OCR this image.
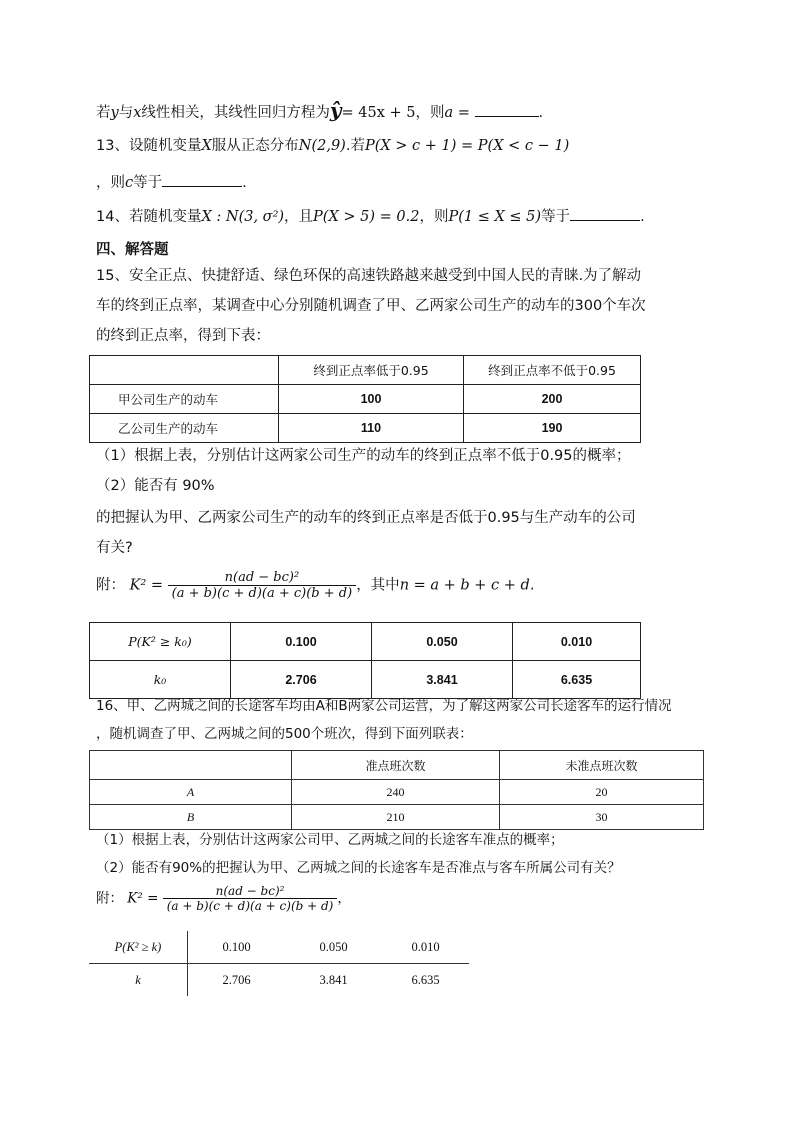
若y与x线性相关，其线性回归方程为ŷ= 45x + 5，则a =	.
13、设随机变量X服从正态分布N(2,9).若P(X > c + 1) = P(X < c − 1)
，则c等于	.
14、若随机变量X : N(3, σ²)，且P(X > 5) = 0.2，则P(1 ≤ X ≤ 5)等于	.
四、解答题
15、安全正点、快捷舒适、绿色环保的高速铁路越来越受到中国人民的青睐.为了解动
车的终到正点率，某调查中心分别随机调查了甲、乙两家公司生产的动车的300个车次
的终到正点率，得到下表：
	终到正点率低于0.95	终到正点率不低于0.95
甲公司生产的动车	100	200
乙公司生产的动车	110	190
（1）根据上表，分别估计这两家公司生产的动车的终到正点率不低于0.95的概率；
（2）能否有 90%
的把握认为甲、乙两家公司生产的动车的终到正点率是否低于0.95与生产动车的公司
有关?
附： $K^2 = \frac{\text{n(ad − bc)²}}{(a + b)(c + d)(a + c)(b + d)}$ ，其中n = a + b + c + d.
P(K² ≥ k₀)	0.100	0.050	0.010
k₀	2.706	3.841	6.635
16、甲、乙两城之间的长途客车均由A和B两家公司运营，为了解这两家公司长途客车的运行情况
，随机调查了甲、乙两城之间的500个班次，得到下面列联表：
	准点班次数	未准点班次数
A	240	20
B	210	30
（1）根据上表，分别估计这两家公司甲、乙两城之间的长途客车准点的概率；
（2）能否有90%的把握认为甲、乙两城之间的长途客车是否准点与客车所属公司有关？
附： $K^2 = \frac{\text{n(ad − bc)²}}{(a + b)(c + d)(a + c)(b + d)}$ ，
P(K² ≥ k)	0.100	0.050	0.010
k	2.706	3.841	6.635
